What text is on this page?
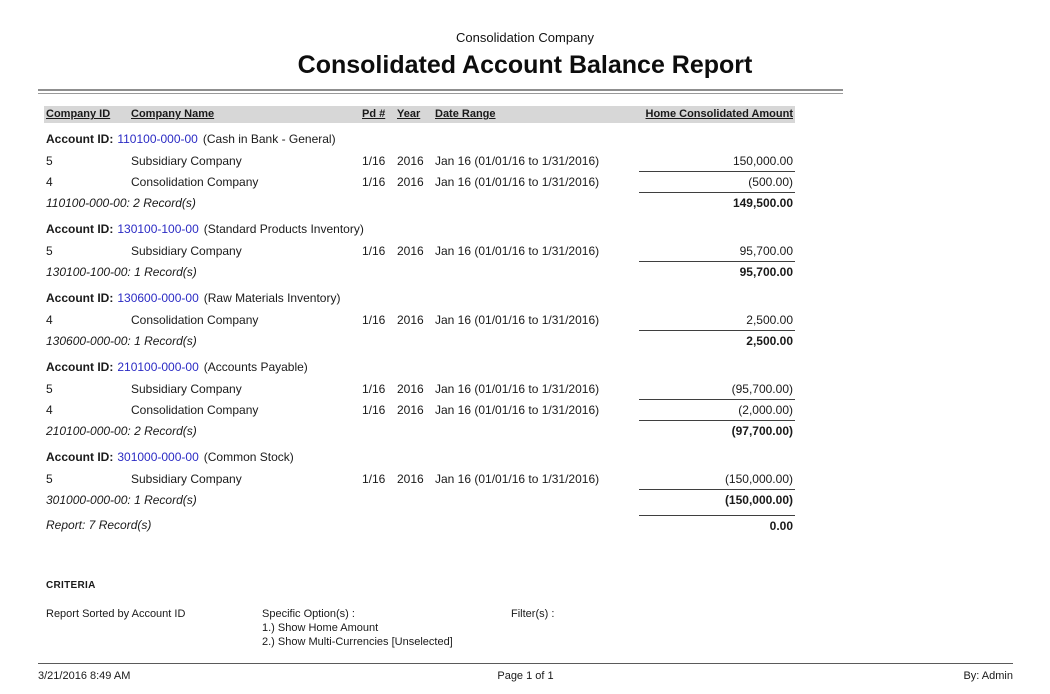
Consolidation Company
Consolidated Account Balance Report
Company ID	Company Name	Pd #	Year	Date Range	Home Consolidated Amount
Account ID: 110100-000-00 (Cash in Bank - General)
5	Subsidiary Company	1/16 2016 Jan 16 (01/01/16 to 1/31/2016)	150,000.00
4	Consolidation Company	1/16 2016 Jan 16 (01/01/16 to 1/31/2016)	(500.00)
110100-000-00: 2 Record(s)	149,500.00
Account ID: 130100-100-00 (Standard Products Inventory)
5	Subsidiary Company	1/16 2016 Jan 16 (01/01/16 to 1/31/2016)	95,700.00
130100-100-00: 1 Record(s)	95,700.00
Account ID: 130600-000-00 (Raw Materials Inventory)
4	Consolidation Company	1/16 2016 Jan 16 (01/01/16 to 1/31/2016)	2,500.00
130600-000-00: 1 Record(s)	2,500.00
Account ID: 210100-000-00 (Accounts Payable)
5	Subsidiary Company	1/16 2016 Jan 16 (01/01/16 to 1/31/2016)	(95,700.00)
4	Consolidation Company	1/16 2016 Jan 16 (01/01/16 to 1/31/2016)	(2,000.00)
210100-000-00: 2 Record(s)	(97,700.00)
Account ID: 301000-000-00 (Common Stock)
5	Subsidiary Company	1/16 2016 Jan 16 (01/01/16 to 1/31/2016)	(150,000.00)
301000-000-00: 1 Record(s)	(150,000.00)
Report: 7 Record(s)	0.00
CRITERIA
Report Sorted by Account ID	Specific Option(s) :
1.) Show Home Amount
2.) Show Multi-Currencies [Unselected]
Filter(s) :
3/21/2016 8:49 AM	Page 1 of 1	By: Admin
